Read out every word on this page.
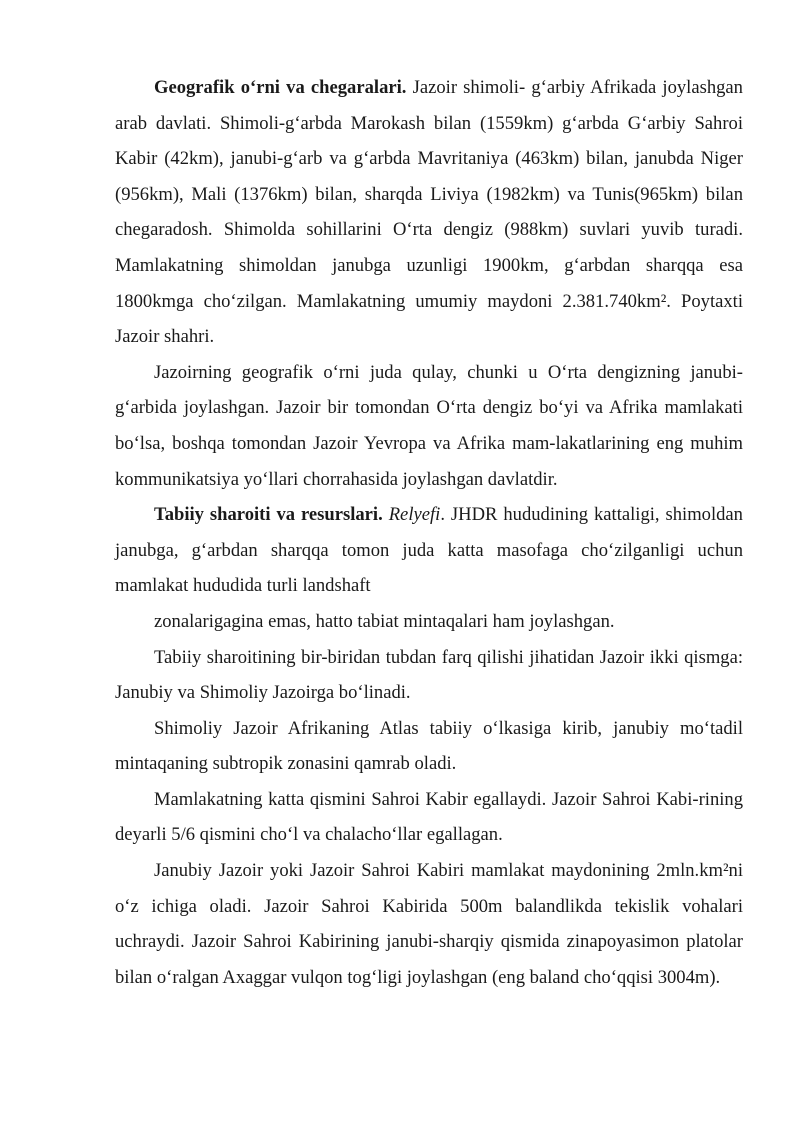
Geografik o‘rni va chegaralari. Jazoir shimoli- g‘arbiy Afrikada joylashgan arab davlati. Shimoli-g‘arbda Marokash bilan (1559km) g‘arbda G‘arbiy Sahroi Kabir (42km), janubi-g‘arb va g‘arbda Mavritaniya (463km) bilan, janubda Niger (956km), Mali (1376km) bilan, sharqda Liviya (1982km) va Tunis(965km) bilan chegaradosh. Shimolda sohillarini O‘rta dengiz (988km) suvlari yuvib turadi. Mamlakatning shimoldan janubga uzunligi 1900km, g‘arbdan sharqqa esa 1800kmga cho‘zilgan. Mamlakatning umumiy maydoni 2.381.740km². Poytaxti Jazoir shahri.

Jazoirning geografik o‘rni juda qulay, chunki u O‘rta dengizning janubi-g‘arbida joylashgan. Jazoir bir tomondan O‘rta dengiz bo‘yi va Afrika mamlakati bo‘lsa, boshqa tomondan Jazoir Yevropa va Afrika mam-lakatlarining eng muhim kommunikatsiya yo‘llari chorrahasida joylashgan davlatdir.

Tabiiy sharoiti va resurslari. Relyefi. JHDR hududining kattaligi, shimoldan janubga, g‘arbdan sharqqa tomon juda katta masofaga cho‘zilganligi uchun mamlakat hududida turli landshaft

zonalarigagina emas, hatto tabiat mintaqalari ham joylashgan.

Tabiiy sharoitining bir-biridan tubdan farq qilishi jihatidan Jazoir ikki qismga: Janubiy va Shimoliy Jazoirga bo‘linadi.

Shimoliy Jazoir Afrikaning Atlas tabiiy o‘lkasiga kirib, janubiy mo‘tadil mintaqaning subtropik zonasini qamrab oladi.

Mamlakatning katta qismini Sahroi Kabir egallaydi. Jazoir Sahroi Kabi-rining deyarli 5/6 qismini cho‘l va chalacho‘llar egallagan.

Janubiy Jazoir yoki Jazoir Sahroi Kabiri mamlakat maydonining 2mln.km²ni o‘z ichiga oladi. Jazoir Sahroi Kabirida 500m balandlikda tekislik vohalari uchraydi. Jazoir Sahroi Kabirining janubi-sharqiy qismida zinapoyasimon platolar bilan o‘ralgan Axaggar vulqon tog‘ligi joylashgan (eng baland cho‘qqisi 3004m).
